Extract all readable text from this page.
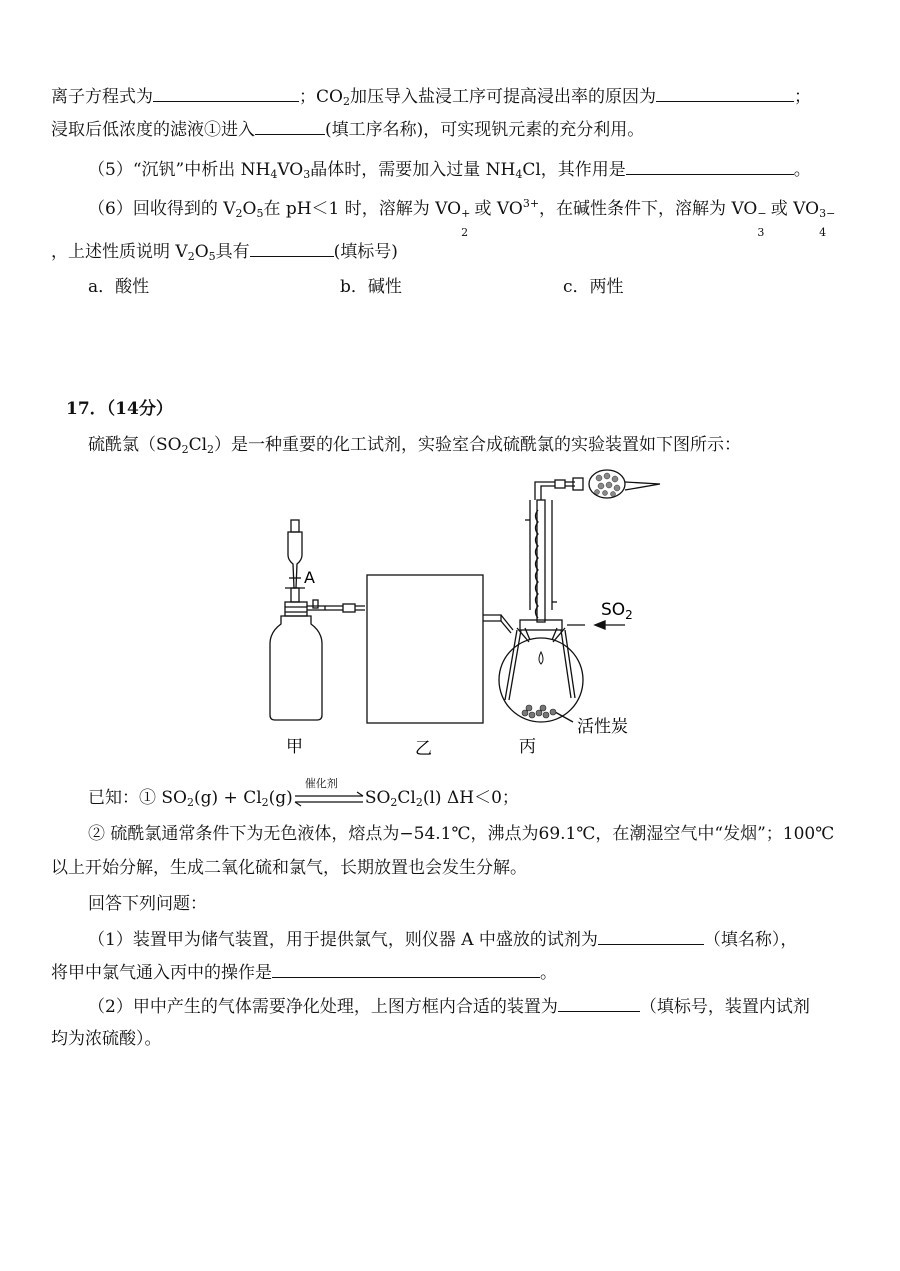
离子方程式为	；$CO_2$加压导入盐浸工序可提高浸出率的原因为	；
浸取后低浓度的滤液①进入	(填工序名称)，可实现钒元素的充分利用。
（5）“沉钒”中析出 $NH_4VO_3$晶体时，需要加入过量 $NH_4Cl$，其作用是	。
（6）回收得到的 $V_2O_5$在 pH＜1 时，溶解为 VO +
2
或 $VO^{3+}$，在碱性条件下，溶解为 VO −
3
或 VO 3−
4
，上述性质说明 $V_2O_5$具有	(填标号)
a．酸性	b．碱性	c．两性
17．（14分）
硫酰氯$(SO_2Cl_2)$是一种重要的化工试剂，实验室合成硫酰氯的实验装置如下图所示：
A
$SO_2$
活性炭
甲	乙	丙
已知：① $SO_2(g) + Cl_2(g)$
催化剂
$SO_2Cl_2(l)$ ΔH＜0；
② 硫酰氯通常条件下为无色液体，熔点为−54.1℃，沸点为69.1℃，在潮湿空气中“发烟”；100℃
以上开始分解，生成二氧化硫和氯气，长期放置也会发生分解。
回答下列问题：
（1）装置甲为储气装置，用于提供氯气，则仪器 A 中盛放的试剂为	（填名称），
将甲中氯气通入丙中的操作是	。
（2）甲中产生的气体需要净化处理，上图方框内合适的装置为	（填标号，装置内试剂
均为浓硫酸）。
